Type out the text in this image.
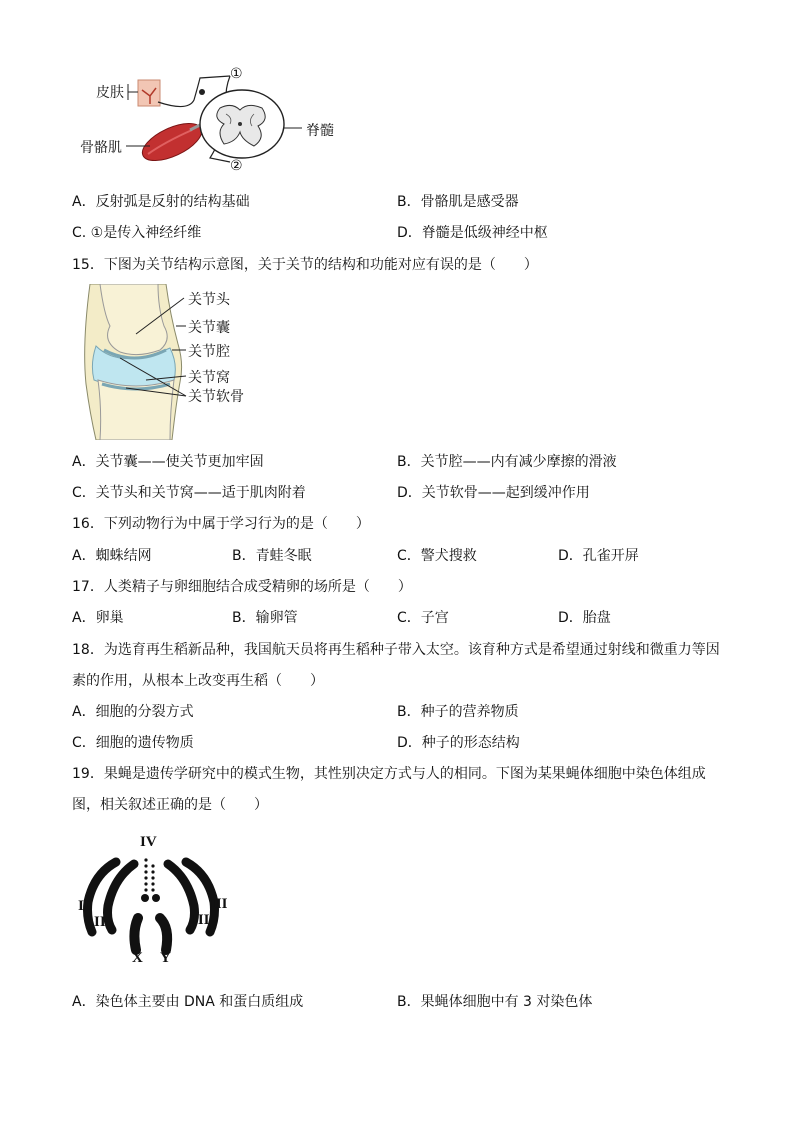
皮肤
骨骼肌
脊髓
①
②
A．反射弧是反射的结构基础	B．骨骼肌是感受器
C. ①是传入神经纤维	D．脊髓是低级神经中枢
15．下图为关节结构示意图，关于关节的结构和功能对应有误的是（　　）
关节头
关节囊
关节腔
关节窝
关节软骨
A．关节囊——使关节更加牢固	B．关节腔——内有减少摩擦的滑液
C．关节头和关节窝——适于肌肉附着	D．关节软骨——起到缓冲作用
16．下列动物行为中属于学习行为的是（　　）
A．蜘蛛结网	B．青蛙冬眠	C．警犬搜救	D．孔雀开屏
17．人类精子与卵细胞结合成受精卵的场所是（　　）
A．卵巢	B．输卵管	C．子宫	D．胎盘
18．为选育再生稻新品种，我国航天员将再生稻种子带入太空。该育种方式是希望通过射线和微重力等因
素的作用，从根本上改变再生稻（　　）
A．细胞的分裂方式	B．种子的营养物质
C．细胞的遗传物质	D．种子的形态结构
19．果蝇是遗传学研究中的模式生物，其性别决定方式与人的相同。下图为某果蝇体细胞中染色体组成
图，相关叙述正确的是（　　）
IV
II
II
III
III
X Y
A．染色体主要由 DNA 和蛋白质组成	B．果蝇体细胞中有 3 对染色体
